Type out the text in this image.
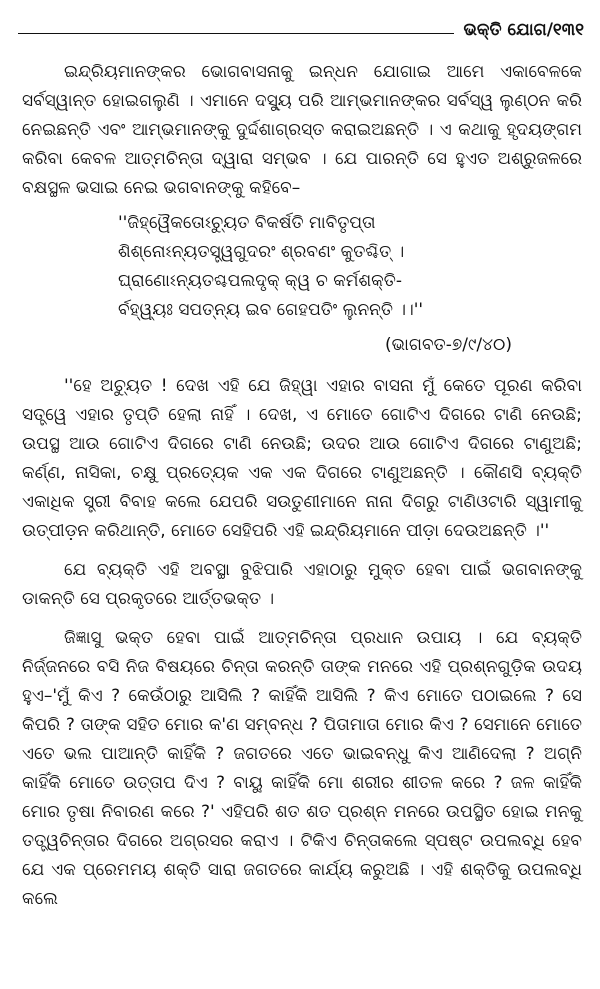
ଭକ୍ତି ଯୋଗ/୧୩୧

ଇନ୍ଦ୍ରିୟମାନଙ୍କର ଭୋଗବାସନାକୁ ଇନ୍ଧନ ଯୋଗାଇ ଆମେ ଏକାବେଳକେ ସର୍ବସ୍ୱାନ୍ତ ହୋଇଗଲୁଣି । ଏମାନେ ଦସ୍ୟୁ ପରି ଆମ୍ଭମାନଙ୍କର ସର୍ବସ୍ୱ ଲୁଣ୍ଠନ କରି ନେଇଛନ୍ତି ଏବଂ ଆମ୍ଭମାନଙ୍କୁ ଦୁର୍ଦ୍ଦଶାଗ୍ରସ୍ତ କରାଇଅଛନ୍ତି । ଏ କଥାକୁ ହୃଦୟଙ୍ଗମ କରିବା କେବଳ ଆତ୍ମଚିନ୍ତା ଦ୍ୱାରା ସମ୍ଭବ । ଯେ ପାରନ୍ତି ସେ ହୁଏତ ଅଶ୍ରୁଜଳରେ ବକ୍ଷସ୍ଥଳ ଭସାଇ ନେଇ ଭଗବାନଙ୍କୁ କହିବେ–

''ଜିହ୍ୱୈକତୋଽଚ୍ୟୁତ ବିକର୍ଷତି ମାବିତୃପ୍ତା
ଶିଶ୍ନୋଽନ୍ୟତସ୍ତ୍ୱଗୁଦରଂ ଶ୍ରବଣଂ କୁତଶ୍ଚିତ୍ ।
ଘ୍ରାଣୋଽନ୍ୟତଶ୍ଚପଲଦୃକ୍ କ୍ୱ ଚ କର୍ମଶକ୍ତି-
ର୍ବହ୍ୱ୍ୟଃ ସପତ୍ନ୍ୟ ଇବ ଗେହପତିଂ ଲୁନନ୍ତି ।।''
(ଭାଗବତ-୭/୯/୪୦)

''ହେ ଅଚ୍ୟୁତ ! ଦେଖ ଏହି ଯେ ଜିହ୍ୱା ଏହାର ବାସନା ମୁଁ କେତେ ପୂରଣ କରିବା ସତ୍ତ୍ୱେ ଏହାର ତୃପ୍ତି ହେଲା ନାହିଁ । ଦେଖ, ଏ ମୋତେ ଗୋଟିଏ ଦିଗରେ ଟାଣି ନେଉଛି; ଉପସ୍ଥ ଆଉ ଗୋଟିଏ ଦିଗରେ ଟାଣି ନେଉଛି; ଉଦର ଆଉ ଗୋଟିଏ ଦିଗରେ ଟାଣୁଅଛି; କର୍ଣ୍ଣ, ନାସିକା, ଚକ୍ଷୁ ପ୍ରତ୍ୟେକ ଏକ ଏକ ଦିଗରେ ଟାଣୁଅଛନ୍ତି । କୌଣସି ବ୍ୟକ୍ତି ଏକାଧିକ ସ୍ତ୍ରୀ ବିବାହ କଲେ ଯେପରି ସଉତୁଣୀମାନେ ନାନା ଦିଗରୁ ଟାଣିଓଟାରି ସ୍ୱାମୀକୁ ଉତ୍ପୀଡ଼ନ କରିଥାନ୍ତି, ମୋତେ ସେହିପରି ଏହି ଇନ୍ଦ୍ରିୟମାନେ ପୀଡ଼ା ଦେଉଅଛନ୍ତି ।''

ଯେ ବ୍ୟକ୍ତି ଏହି ଅବସ୍ଥା ବୁଝିପାରି ଏହାଠାରୁ ମୁକ୍ତ ହେବା ପାଇଁ ଭଗବାନଙ୍କୁ ଡାକନ୍ତି ସେ ପ୍ରକୃତରେ ଆର୍ତ୍ତଭକ୍ତ ।

ଜିଜ୍ଞାସୁ ଭକ୍ତ ହେବା ପାଇଁ ଆତ୍ମଚିନ୍ତା ପ୍ରଧାନ ଉପାୟ । ଯେ ବ୍ୟକ୍ତି ନିର୍ଜ୍ଜନରେ ବସି ନିଜ ବିଷୟରେ ଚିନ୍ତା କରନ୍ତି ତାଙ୍କ ମନରେ ଏହି ପ୍ରଶ୍ନଗୁଡ଼ିକ ଉଦୟ ହୁଏ–'ମୁଁ କିଏ ? କେଉଁଠାରୁ ଆସିଲି ? କାହିଁକି ଆସିଲି ? କିଏ ମୋତେ ପଠାଇଲେ ? ସେ କିପରି ? ତାଙ୍କ ସହିତ ମୋର କ'ଣ ସମ୍ବନ୍ଧ ? ପିତାମାତା ମୋର କିଏ ? ସେମାନେ ମୋତେ ଏତେ ଭଲ ପାଆନ୍ତି କାହିଁକି ? ଜଗତରେ ଏତେ ଭାଇବନ୍ଧୁ କିଏ ଆଣିଦେଲା ? ଅଗ୍ନି କାହିଁକି ମୋତେ ଉତ୍ତାପ ଦିଏ ? ବାୟୁ କାହିଁକି ମୋ ଶରୀର ଶୀତଳ କରେ ? ଜଳ କାହିଁକି ମୋର ତୃଷା ନିବାରଣ କରେ ?' ଏହିପରି ଶତ ଶତ ପ୍ରଶ୍ନ ମନରେ ଉପସ୍ଥିତ ହୋଇ ମନକୁ ତତ୍ତ୍ୱଚିନ୍ତାର ଦିଗରେ ଅଗ୍ରସର କରାଏ । ଟିକିଏ ଚିନ୍ତାକଲେ ସ୍ପଷ୍ଟ ଉପଲବ୍ଧି ହେବ ଯେ ଏକ ପ୍ରେମମୟ ଶକ୍ତି ସାରା ଜଗତରେ କାର୍ଯ୍ୟ କରୁଅଛି । ଏହି ଶକ୍ତିକୁ ଉପଲବ୍ଧି କଲେ
